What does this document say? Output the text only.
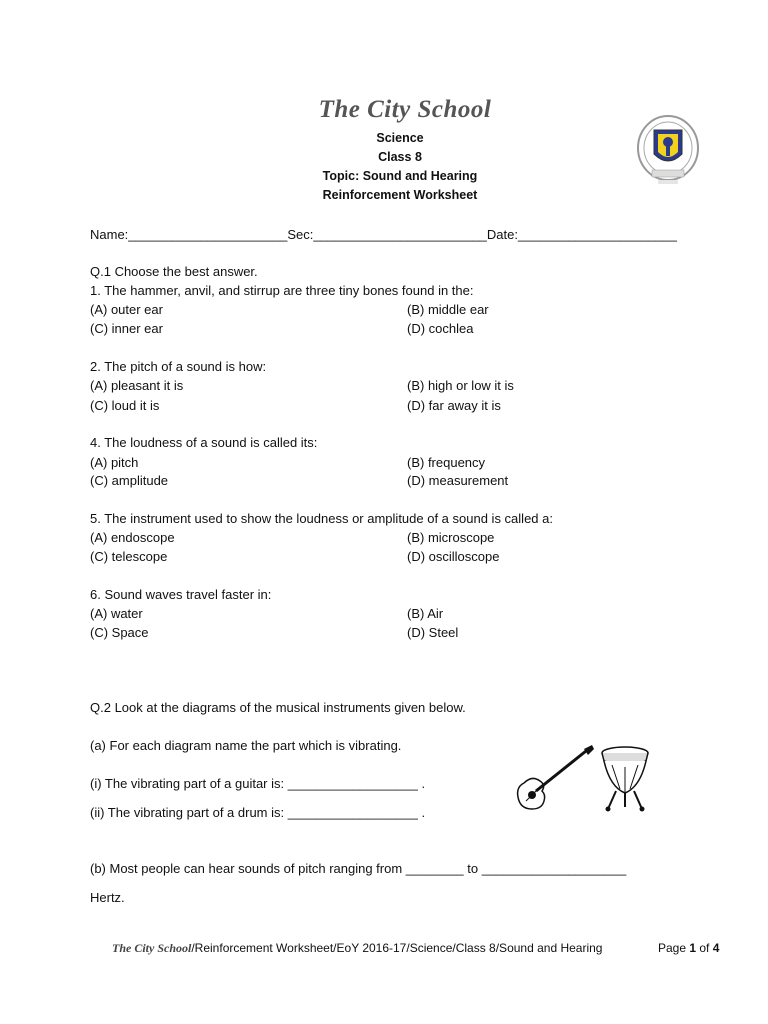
The City School
Science
Class 8
Topic: Sound and Hearing
Reinforcement Worksheet
Name:______________________Sec:________________________Date:______________________
Q.1 Choose the best answer.
1. The hammer, anvil, and stirrup are three tiny bones found in the:
(A) outer ear	(B) middle ear
(C) inner ear	(D) cochlea
2. The pitch of a sound is how:
(A) pleasant it is	(B) high or low it is
(C) loud it is	(D) far away it is
4. The loudness of a sound is called its:
(A) pitch	(B) frequency
(C) amplitude	(D) measurement
5. The instrument used to show the loudness or amplitude of a sound is called a:
(A) endoscope	(B) microscope
(C) telescope	(D) oscilloscope
6. Sound waves travel faster in:
(A) water	(B) Air
(C) Space	(D) Steel
Q.2 Look at the diagrams of the musical instruments given below.
(a) For each diagram name the part which is vibrating.
(i) The vibrating part of a guitar is: __________________ .
(ii) The vibrating part of a drum is: __________________ .
(b) Most people can hear sounds of pitch ranging from ________ to ____________________
Hertz.
The City School/Reinforcement Worksheet/EoY 2016-17/Science/Class 8/Sound and Hearing	Page 1 of 4
